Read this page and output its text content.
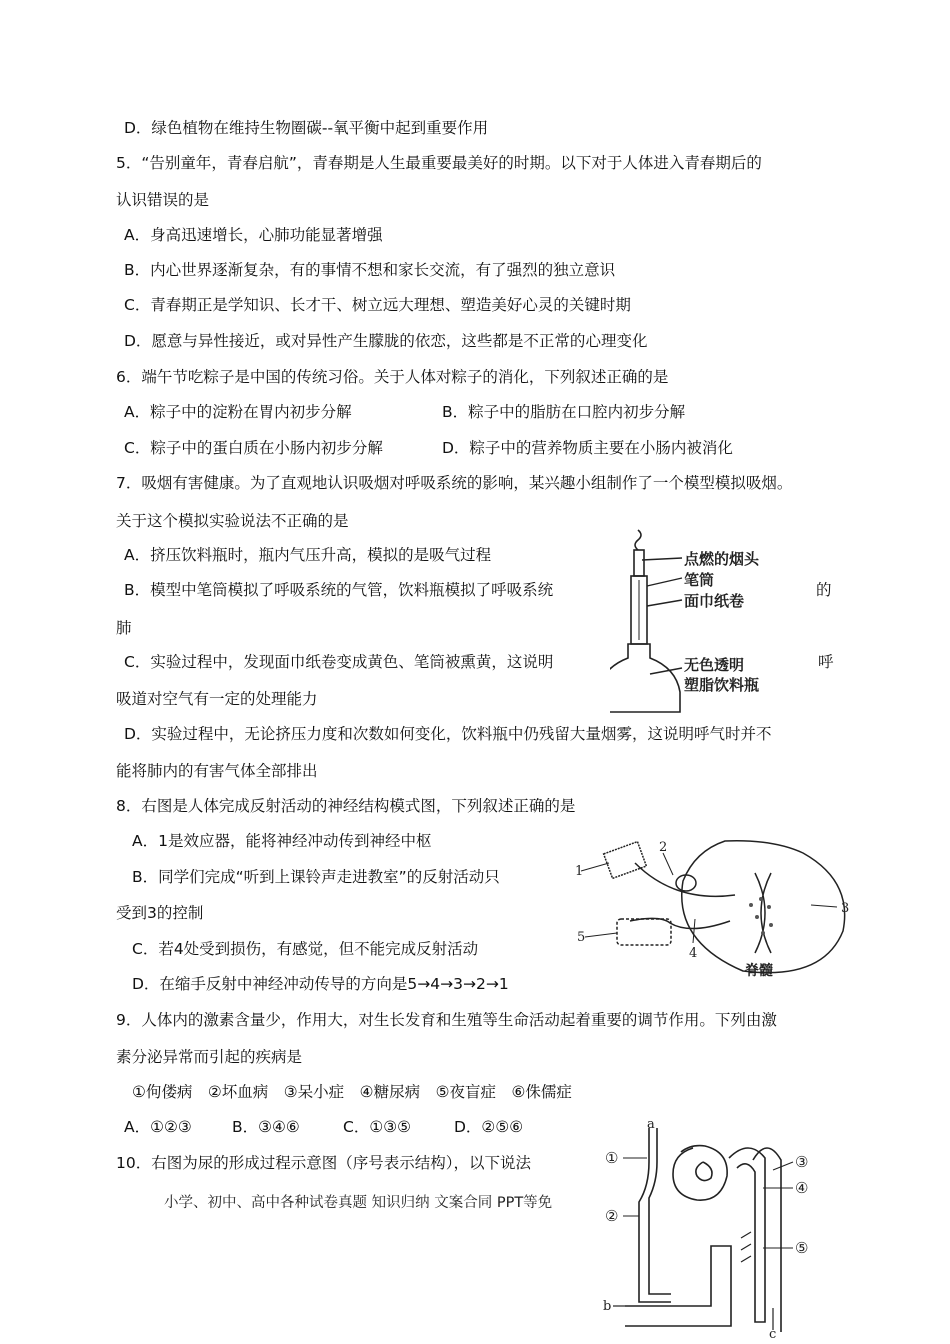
D．绿色植物在维持生物圈碳--氧平衡中起到重要作用
5．“告别童年，青春启航”，青春期是人生最重要最美好的时期。以下对于人体进入青春期后的
认识错误的是
A．身高迅速增长，心肺功能显著增强
B．内心世界逐渐复杂，有的事情不想和家长交流，有了强烈的独立意识
C．青春期正是学知识、长才干、树立远大理想、塑造美好心灵的关键时期
D．愿意与异性接近，或对异性产生朦胧的依恋，这些都是不正常的心理变化
6．端午节吃粽子是中国的传统习俗。关于人体对粽子的消化，下列叙述正确的是
A．粽子中的淀粉在胃内初步分解	B．粽子中的脂肪在口腔内初步分解
C．粽子中的蛋白质在小肠内初步分解	D．粽子中的营养物质主要在小肠内被消化
7．吸烟有害健康。为了直观地认识吸烟对呼吸系统的影响，某兴趣小组制作了一个模型模拟吸烟。
关于这个模拟实验说法不正确的是
A．挤压饮料瓶时，瓶内气压升高，模拟的是吸气过程
B．模型中笔筒模拟了呼吸系统的气管，饮料瓶模拟了呼吸系统	的
肺
C．实验过程中，发现面巾纸卷变成黄色、笔筒被熏黄，这说明	呼
吸道对空气有一定的处理能力
D．实验过程中，无论挤压力度和次数如何变化，饮料瓶中仍残留大量烟雾，这说明呼气时并不
能将肺内的有害气体全部排出
点燃的烟头
笔筒
面巾纸卷
无色透明
塑脂饮料瓶
8．右图是人体完成反射活动的神经结构模式图，下列叙述正确的是
A．1是效应器，能将神经冲动传到神经中枢
B．同学们完成“听到上课铃声走进教室”的反射活动只
受到3的控制
C．若4处受到损伤，有感觉，但不能完成反射活动
D．在缩手反射中神经冲动传导的方向是5→4→3→2→1
1
2
3
4
5
脊髓
9．人体内的激素含量少，作用大，对生长发育和生殖等生命活动起着重要的调节作用。下列由激
素分泌异常而引起的疾病是
①佝偻病　②坏血病　③呆小症　④糖尿病　⑤夜盲症　⑥侏儒症
A．①②③	B．③④⑥	C．①③⑤	D．②⑤⑥
10．右图为尿的形成过程示意图（序号表示结构），以下说法
a
b
c
①
②
③
④
⑤
小学、初中、高中各种试卷真题 知识归纳 文案合同 PPT等免
